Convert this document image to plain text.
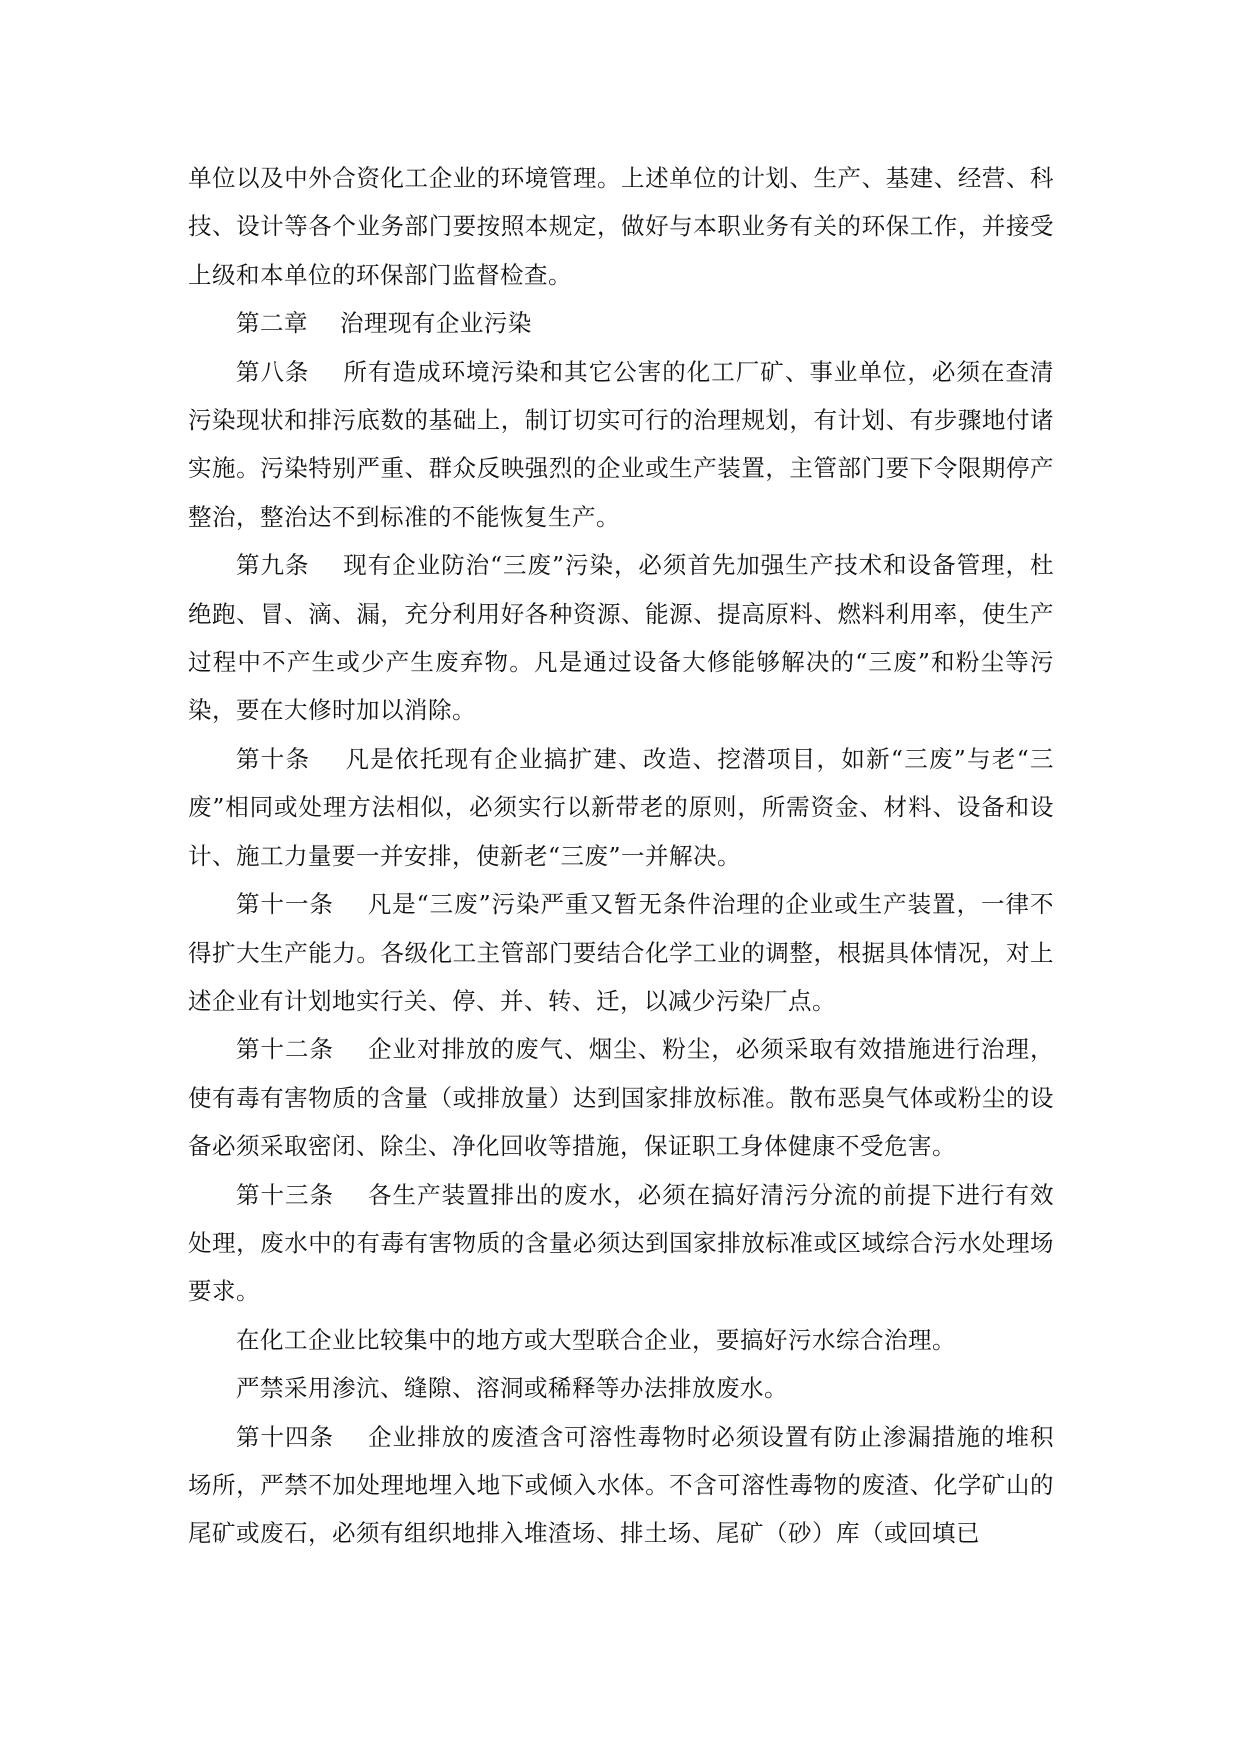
单位以及中外合资化工企业的环境管理。上述单位的计划、生产、基建、经营、科技、设计等各个业务部门要按照本规定，做好与本职业务有关的环保工作，并接受上级和本单位的环保部门监督检查。

第二章 治理现有企业污染

第八条 所有造成环境污染和其它公害的化工厂矿、事业单位，必须在查清污染现状和排污底数的基础上，制订切实可行的治理规划，有计划、有步骤地付诸实施。污染特别严重、群众反映强烈的企业或生产装置，主管部门要下令限期停产整治，整治达不到标准的不能恢复生产。

第九条 现有企业防治“三废”污染，必须首先加强生产技术和设备管理，杜绝跑、冒、滴、漏，充分利用好各种资源、能源、提高原料、燃料利用率，使生产过程中不产生或少产生废弃物。凡是通过设备大修能够解决的“三废”和粉尘等污染，要在大修时加以消除。

第十条 凡是依托现有企业搞扩建、改造、挖潜项目，如新“三废”与老“三废”相同或处理方法相似，必须实行以新带老的原则，所需资金、材料、设备和设计、施工力量要一并安排，使新老“三废”一并解决。

第十一条 凡是“三废”污染严重又暂无条件治理的企业或生产装置，一律不得扩大生产能力。各级化工主管部门要结合化学工业的调整，根据具体情况，对上述企业有计划地实行关、停、并、转、迁，以减少污染厂点。

第十二条 企业对排放的废气、烟尘、粉尘，必须采取有效措施进行治理，使有毒有害物质的含量（或排放量）达到国家排放标准。散布恶臭气体或粉尘的设备必须采取密闭、除尘、净化回收等措施，保证职工身体健康不受危害。

第十三条 各生产装置排出的废水，必须在搞好清污分流的前提下进行有效处理，废水中的有毒有害物质的含量必须达到国家排放标准或区域综合污水处理场要求。

在化工企业比较集中的地方或大型联合企业，要搞好污水综合治理。

严禁采用渗沆、缝隙、溶洞或稀释等办法排放废水。

第十四条 企业排放的废渣含可溶性毒物时必须设置有防止渗漏措施的堆积场所，严禁不加处理地埋入地下或倾入水体。不含可溶性毒物的废渣、化学矿山的尾矿或废石，必须有组织地排入堆渣场、排土场、尾矿（砂）库（或回填已
